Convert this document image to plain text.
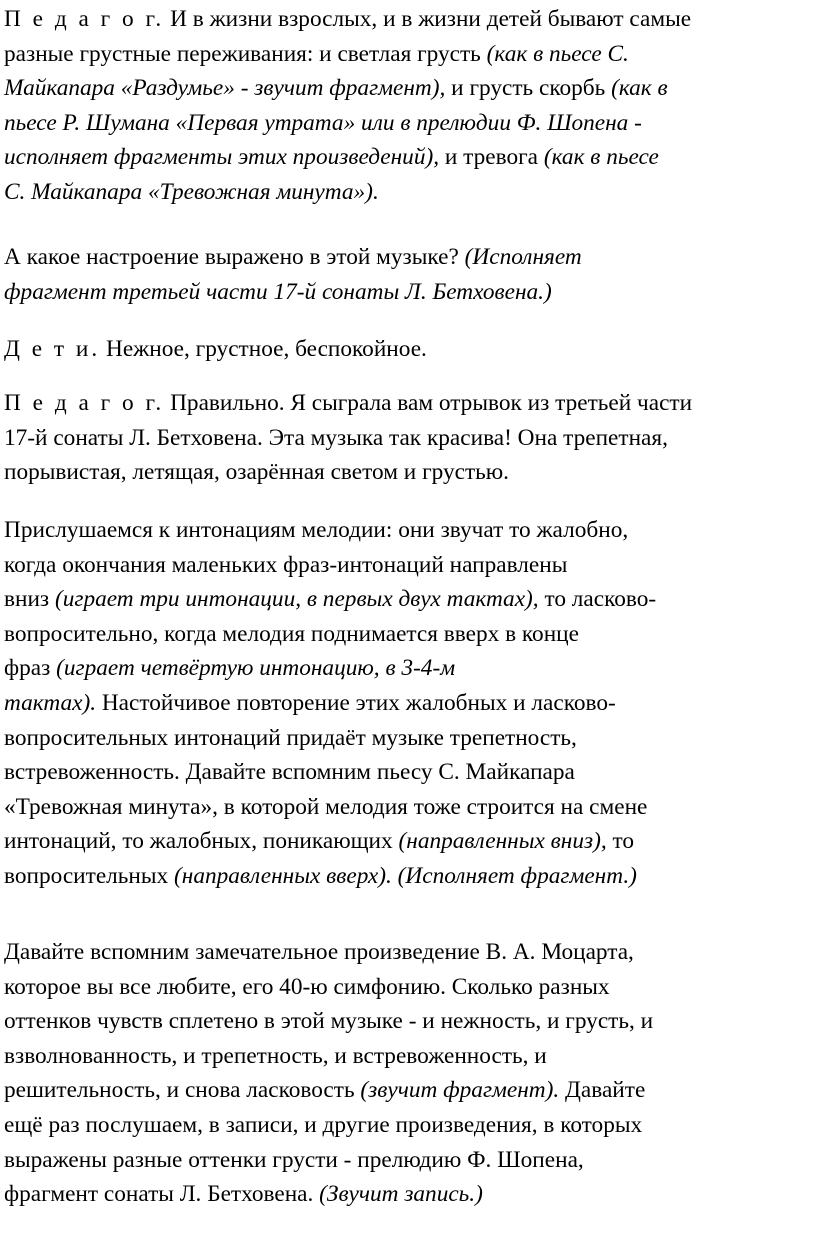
П е д а г о г. И в жизни взрослых, и в жизни детей бывают самые
разные грустные переживания: и светлая грусть (как в пьесе С.
Майкапара «Раздумье» - звучит фрагмент), и грусть скорбь (как в
пьесе Р. Шумана «Первая утрата» или в прелюдии Ф. Шопена -
исполняет фрагменты этих произведений), и тревога (как в пьесе
С. Майкапара «Тревожная минута»).

А какое настроение выражено в этой музыке? (Исполняет
фрагмент третьей части 17-й сонаты Л. Бетховена.)

Д е т и. Нежное, грустное, беспокойное.

П е д а г о г. Правильно. Я сыграла вам отрывок из третьей части
17-й сонаты Л. Бетховена. Эта музыка так красива! Она трепетная,
порывистая, летящая, озарённая светом и грустью.

Прислушаемся к интонациям мелодии: они звучат то жалобно,
когда окончания маленьких фраз-интонаций направлены
вниз (играет три интонации, в первых двух тактах), то ласково-
вопросительно, когда мелодия поднимается вверх в конце
фраз (играет четвёртую интонацию, в 3-4-м
тактах). Настойчивое повторение этих жалобных и ласково-
вопросительных интонаций придаёт музыке трепетность,
встревоженность. Давайте вспомним пьесу С. Майкапара
«Тревожная минута», в которой мелодия тоже строится на смене
интонаций, то жалобных, поникающих (направленных вниз), то
вопросительных (направленных вверх). (Исполняет фрагмент.)

Давайте вспомним замечательное произведение В. А. Моцарта,
которое вы все любите, его 40-ю симфонию. Сколько разных
оттенков чувств сплетено в этой музыке - и нежность, и грусть, и
взволнованность, и трепетность, и встревоженность, и
решительность, и снова ласковость (звучит фрагмент). Давайте
ещё раз послушаем, в записи, и другие произведения, в которых
выражены разные оттенки грусти - прелюдию Ф. Шопена,
фрагмент сонаты Л. Бетховена. (Звучит запись.)
